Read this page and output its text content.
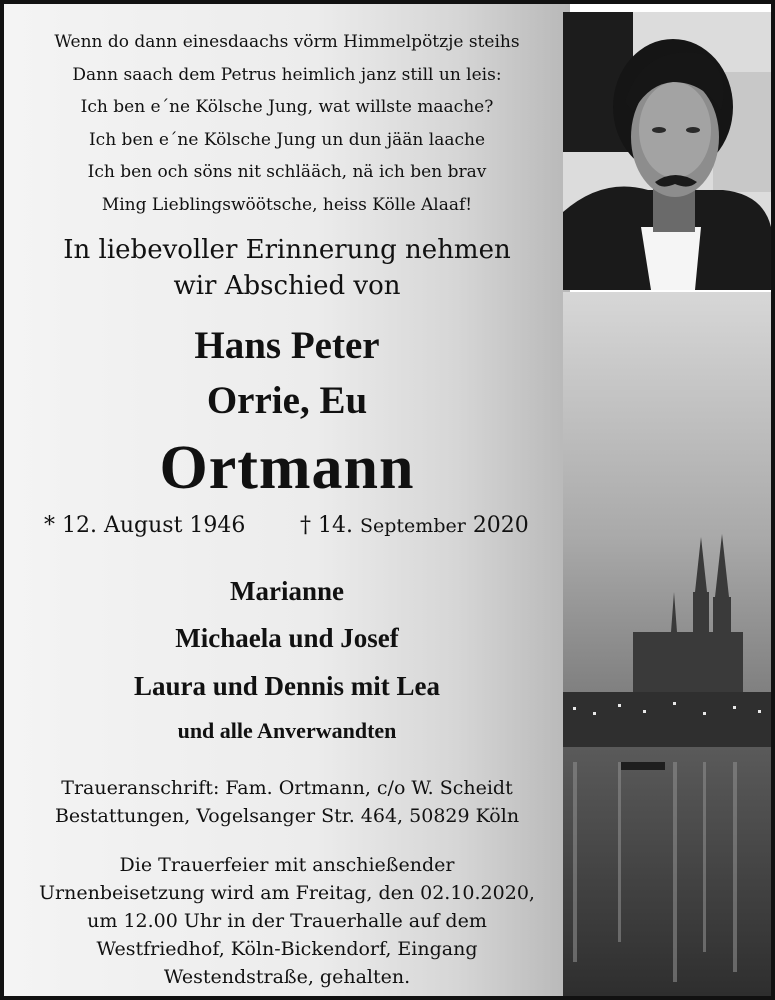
Wenn do dann einesdaachs vörm Himmelpötzje steihs
Dann saach dem Petrus heimlich janz still un leis:
Ich ben e´ne Kölsche Jung, wat willste maache?
Ich ben e´ne Kölsche Jung un dun jään laache
Ich ben och söns nit schlääch, nä ich ben brav
Ming Lieblingswöötsche, heiss Kölle Alaaf!
In liebevoller Erinnerung nehmen
wir Abschied von
Hans Peter
Orrie, Eu
Ortmann
* 12. August 1946 † 14. September 2020
Marianne
Michaela und Josef
Laura und Dennis mit Lea
und alle Anverwandten
Traueranschrift: Fam. Ortmann, c/o W. Scheidt
Bestattungen, Vogelsanger Str. 464, 50829 Köln
Die Trauerfeier mit anschießender
Urnenbeisetzung wird am Freitag, den 02.10.2020,
um 12.00 Uhr in der Trauerhalle auf dem
Westfriedhof, Köln-Bickendorf, Eingang
Westendstraße, gehalten.
